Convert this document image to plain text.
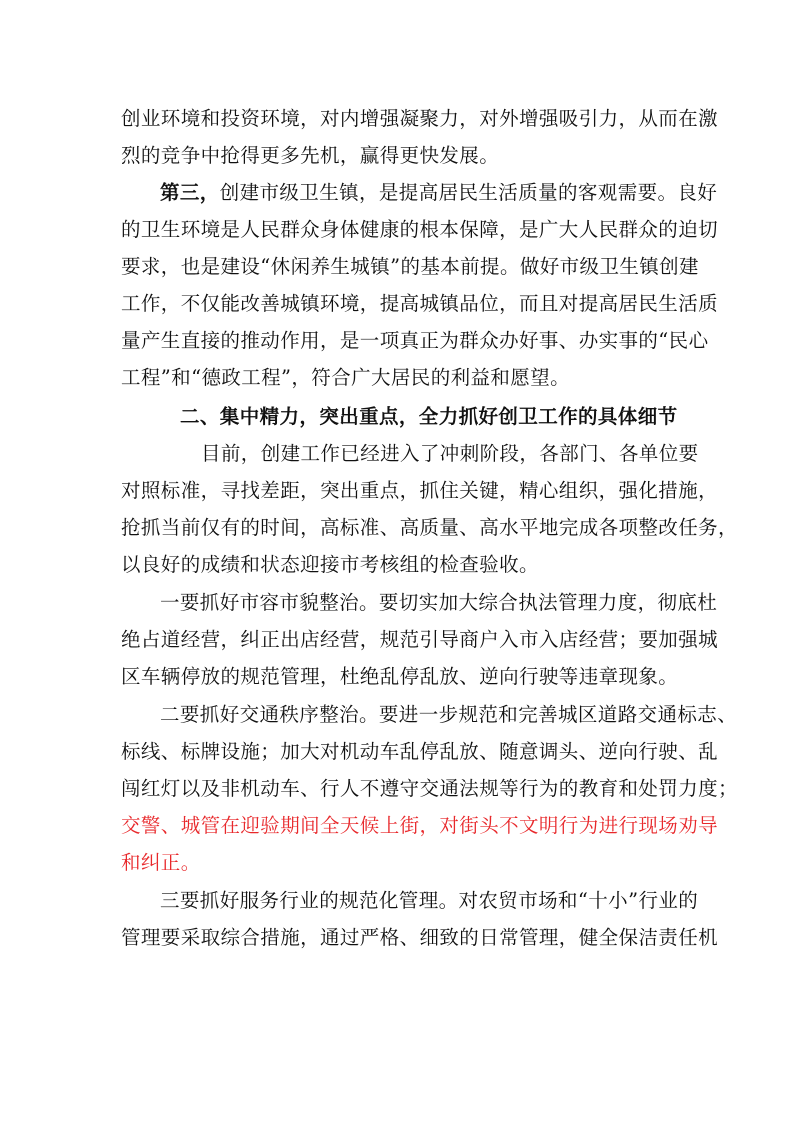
创业环境和投资环境，对内增强凝聚力，对外增强吸引力，从而在激
烈的竞争中抢得更多先机，赢得更快发展。
第三，创建市级卫生镇，是提高居民生活质量的客观需要。良好
的卫生环境是人民群众身体健康的根本保障，是广大人民群众的迫切
要求，也是建设“休闲养生城镇”的基本前提。做好市级卫生镇创建
工作，不仅能改善城镇环境，提高城镇品位，而且对提高居民生活质
量产生直接的推动作用，是一项真正为群众办好事、办实事的“民心
工程”和“德政工程”，符合广大居民的利益和愿望。
二、集中精力，突出重点，全力抓好创卫工作的具体细节
目前，创建工作已经进入了冲刺阶段，各部门、各单位要
对照标准，寻找差距，突出重点，抓住关键，精心组织，强化措施，
抢抓当前仅有的时间，高标准、高质量、高水平地完成各项整改任务，
以良好的成绩和状态迎接市考核组的检查验收。
一要抓好市容市貌整治。要切实加大综合执法管理力度，彻底杜
绝占道经营，纠正出店经营，规范引导商户入市入店经营；要加强城
区车辆停放的规范管理，杜绝乱停乱放、逆向行驶等违章现象。
二要抓好交通秩序整治。要进一步规范和完善城区道路交通标志、
标线、标牌设施；加大对机动车乱停乱放、随意调头、逆向行驶、乱
闯红灯以及非机动车、行人不遵守交通法规等行为的教育和处罚力度；
交警、城管在迎验期间全天候上街，对街头不文明行为进行现场劝导
和纠正。
三要抓好服务行业的规范化管理。对农贸市场和“十小”行业的
管理要采取综合措施，通过严格、细致的日常管理，健全保洁责任机
